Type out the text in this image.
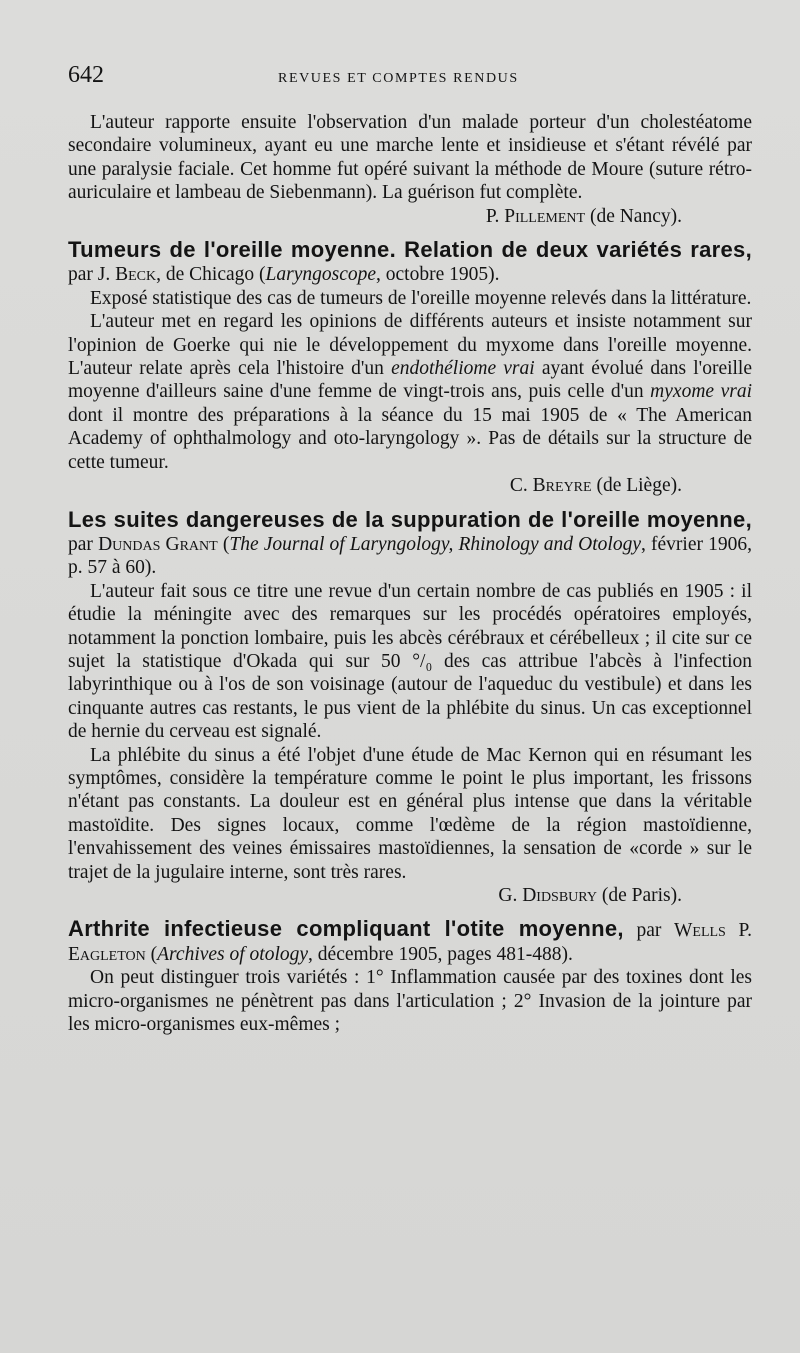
642	REVUES ET COMPTES RENDUS

L'auteur rapporte ensuite l'observation d'un malade porteur d'un cholestéatome secondaire volumineux, ayant eu une marche lente et insidieuse et s'étant révélé par une paralysie faciale. Cet homme fut opéré suivant la méthode de Moure (suture rétro-auriculaire et lambeau de Siebenmann). La guérison fut complète.

P. Pillement (de Nancy).
Tumeurs de l'oreille moyenne. Relation de deux variétés rares, par J. Beck, de Chicago (Laryngoscope, octobre 1905).

Exposé statistique des cas de tumeurs de l'oreille moyenne relevés dans la littérature.

L'auteur met en regard les opinions de différents auteurs et insiste notamment sur l'opinion de Goerke qui nie le développement du myxome dans l'oreille moyenne. L'auteur relate après cela l'histoire d'un endothéliome vrai ayant évolué dans l'oreille moyenne d'ailleurs saine d'une femme de vingt-trois ans, puis celle d'un myxome vrai dont il montre des préparations à la séance du 15 mai 1905 de « The American Academy of ophthalmology and oto-laryngology ». Pas de détails sur la structure de cette tumeur.

C. Breyre (de Liège).
Les suites dangereuses de la suppuration de l'oreille moyenne, par Dundas Grant (The Journal of Laryngology, Rhinology and Otology, février 1906, p. 57 à 60).

L'auteur fait sous ce titre une revue d'un certain nombre de cas publiés en 1905 : il étudie la méningite avec des remarques sur les procédés opératoires employés, notamment la ponction lombaire, puis les abcès cérébraux et cérébelleux ; il cite sur ce sujet la statistique d'Okada qui sur 50 °/₀ des cas attribue l'abcès à l'infection labyrinthique ou à l'os de son voisinage (autour de l'aqueduc du vestibule) et dans les cinquante autres cas restants, le pus vient de la phlébite du sinus. Un cas exceptionnel de hernie du cerveau est signalé.

La phlébite du sinus a été l'objet d'une étude de Mac Kernon qui en résumant les symptômes, considère la température comme le point le plus important, les frissons n'étant pas constants. La douleur est en général plus intense que dans la véritable mastoïdite. Des signes locaux, comme l'œdème de la région mastoïdienne, l'envahissement des veines émissaires mastoïdiennes, la sensation de «corde » sur le trajet de la jugulaire interne, sont très rares.

G. Didsbury (de Paris).
Arthrite infectieuse compliquant l'otite moyenne, par Wells P. Eagleton (Archives of otology, décembre 1905, pages 481-488).

On peut distinguer trois variétés : 1° Inflammation causée par des toxines dont les micro-organismes ne pénètrent pas dans l'articulation ; 2° Invasion de la jointure par les micro-organismes eux-mêmes ;
